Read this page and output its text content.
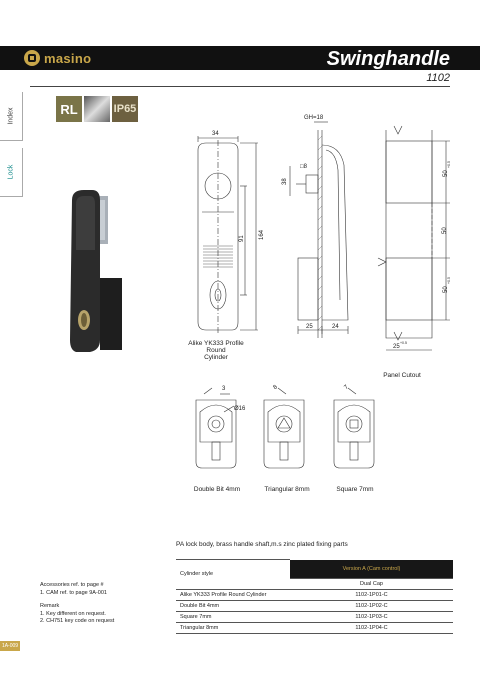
masino	Swinghandle
1102
Index
Lock
RL	IP65
34
GH=18
□8
38
91 164
25	24
50
+0.5
50
50
+0.5
25
+0.5
3
Ø16
8	7
Alike YK333 Profile Round
Cylinder
Panel Cutout
Double Bit 4mm	Triangular 8mm	Square 7mm
PA lock body, brass handle shaft,m.s zinc plated fixing parts

Accessories ref. to page #

1. CAM ref. to page 9A-001

Remark

1. Key different on request.

2. CH751 key code on request

Cylinder style	Version A (Cam control)
	Dual Cap
Alike YK333 Profile Round Cylinder	1102-1P01-C
Double Bit 4mm	1102-1P02-C
Square 7mm	1102-1P03-C
Triangular 8mm	1102-1P04-C
1A-009
